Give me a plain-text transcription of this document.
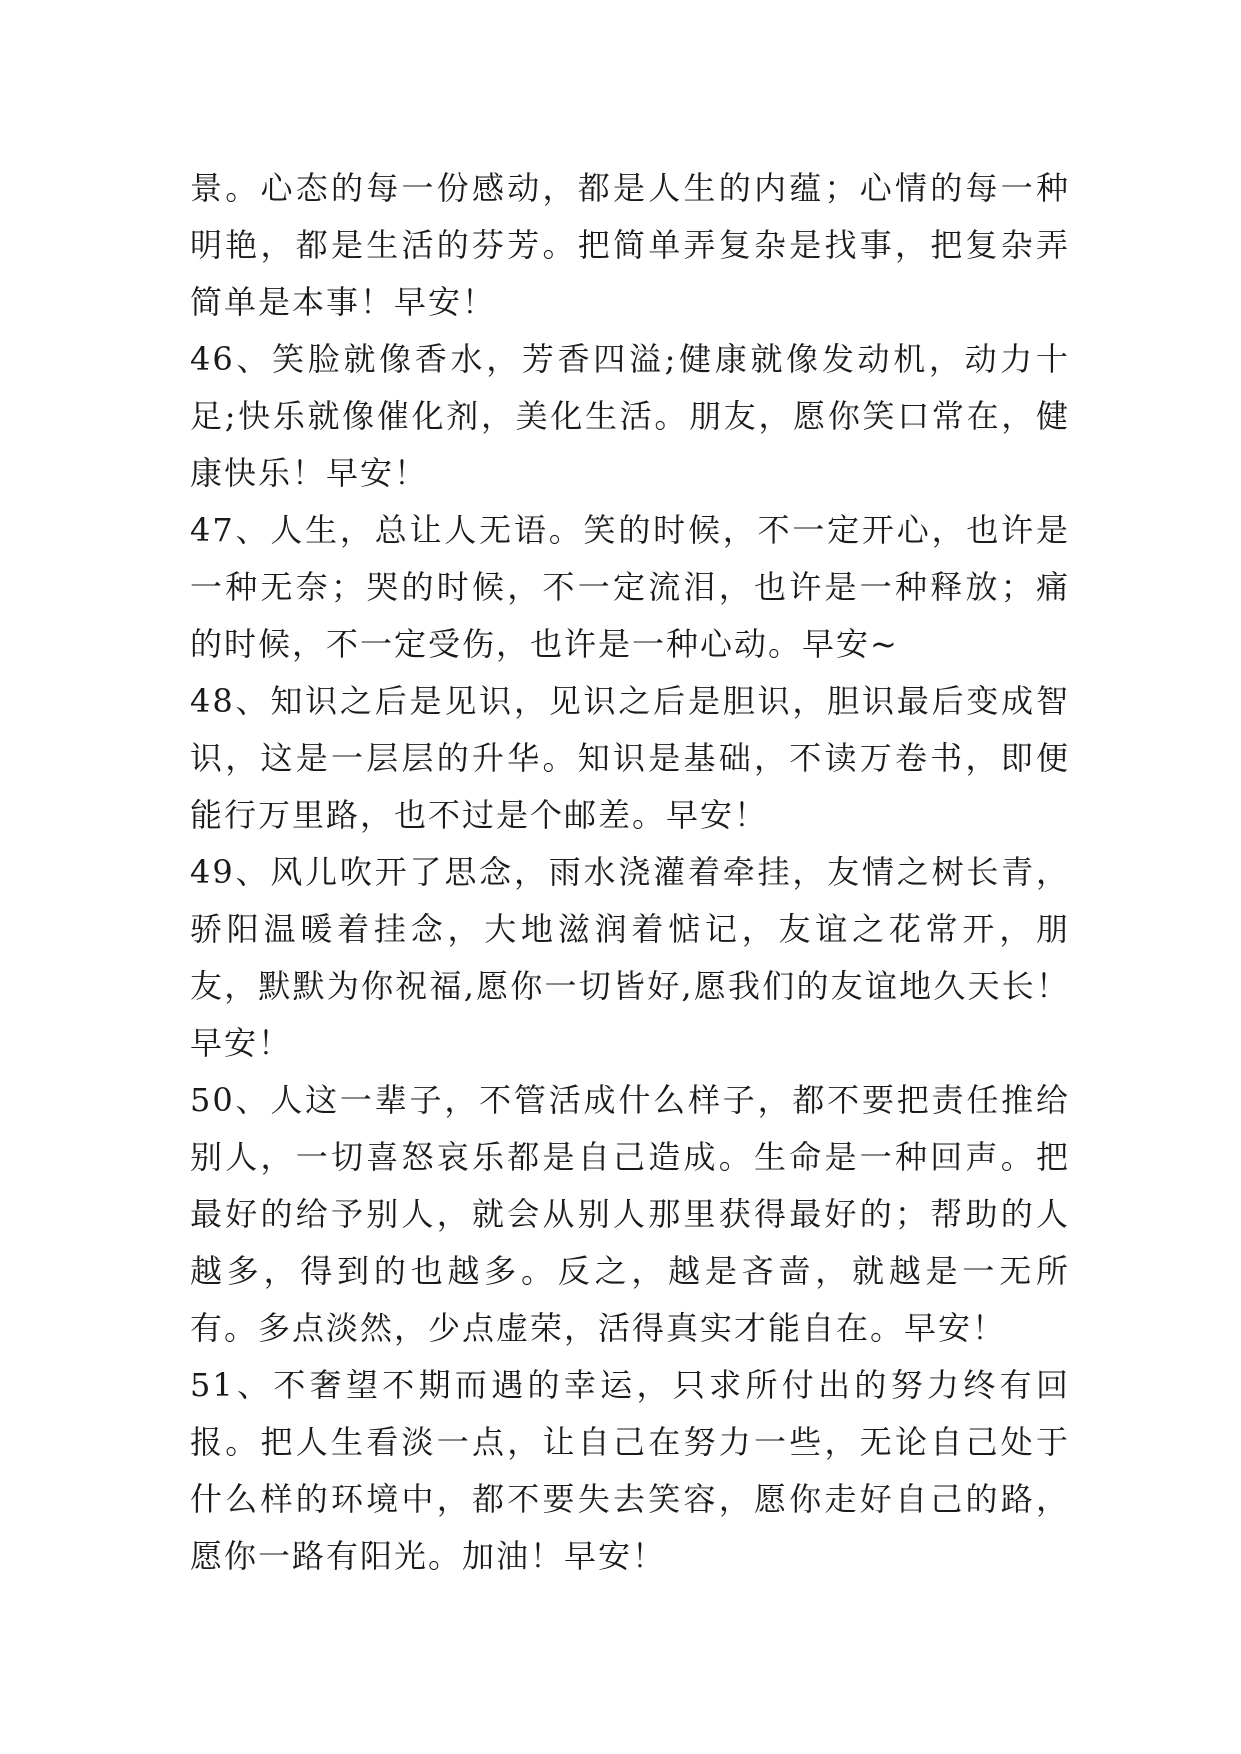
景。心态的每一份感动，都是人生的内蕴；心情的每一种明艳，都是生活的芬芳。把简单弄复杂是找事，把复杂弄简单是本事！早安！

46、笑脸就像香水，芳香四溢;健康就像发动机，动力十足;快乐就像催化剂，美化生活。朋友，愿你笑口常在，健康快乐！早安！

47、人生，总让人无语。笑的时候，不一定开心，也许是一种无奈；哭的时候，不一定流泪，也许是一种释放；痛的时候，不一定受伤，也许是一种心动。早安~

48、知识之后是见识，见识之后是胆识，胆识最后变成智识，这是一层层的升华。知识是基础，不读万卷书，即便能行万里路，也不过是个邮差。早安！

49、风儿吹开了思念，雨水浇灌着牵挂，友情之树长青，骄阳温暖着挂念，大地滋润着惦记，友谊之花常开，朋友，默默为你祝福,愿你一切皆好,愿我们的友谊地久天长！早安！

50、人这一辈子，不管活成什么样子，都不要把责任推给别人，一切喜怒哀乐都是自己造成。生命是一种回声。把最好的给予别人，就会从别人那里获得最好的；帮助的人越多，得到的也越多。反之，越是吝啬，就越是一无所有。多点淡然，少点虚荣，活得真实才能自在。早安！

51、不奢望不期而遇的幸运，只求所付出的努力终有回报。把人生看淡一点，让自己在努力一些，无论自己处于什么样的环境中，都不要失去笑容，愿你走好自己的路，愿你一路有阳光。加油！早安！
